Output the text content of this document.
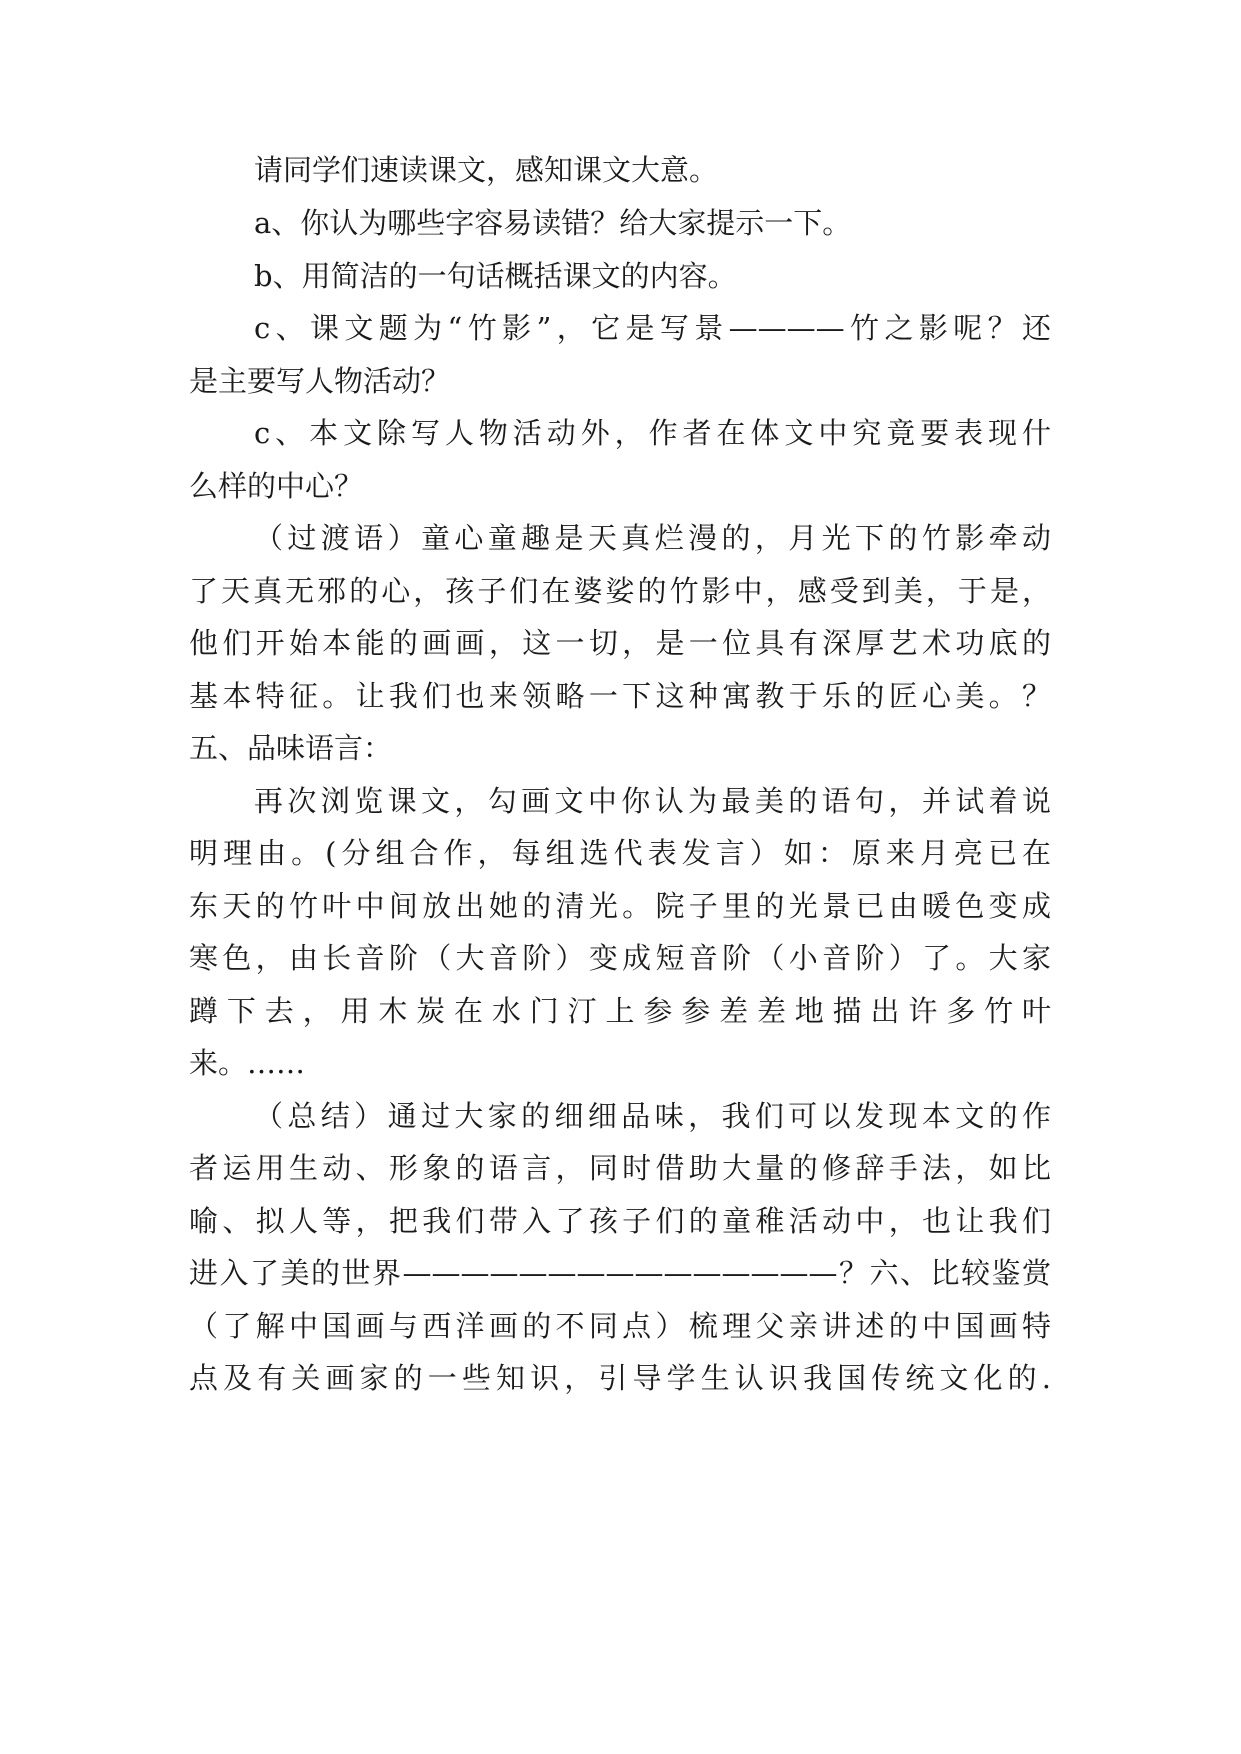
请同学们速读课文，感知课文大意。
a、你认为哪些字容易读错？给大家提示一下。
b、用简洁的一句话概括课文的内容。
c、课文题为“竹影”，它是写景————竹之影呢？还
是主要写人物活动？
c、本文除写人物活动外，作者在体文中究竟要表现什
么样的中心？
（过渡语）童心童趣是天真烂漫的，月光下的竹影牵动
了天真无邪的心，孩子们在婆娑的竹影中，感受到美，于是，
他们开始本能的画画，这一切，是一位具有深厚艺术功底的
基本特征。让我们也来领略一下这种寓教于乐的匠心美。？
五、品味语言：
再次浏览课文，勾画文中你认为最美的语句，并试着说
明理由。(分组合作，每组选代表发言）如：原来月亮已在
东天的竹叶中间放出她的清光。院子里的光景已由暖色变成
寒色，由长音阶（大音阶）变成短音阶（小音阶）了。大家
蹲下去，用木炭在水门汀上参参差差地描出许多竹叶
来。……
（总结）通过大家的细细品味，我们可以发现本文的作
者运用生动、形象的语言，同时借助大量的修辞手法，如比
喻、拟人等，把我们带入了孩子们的童稚活动中，也让我们
进入了美的世界———————————————？六、比较鉴赏
（了解中国画与西洋画的不同点）梳理父亲讲述的中国画特
点及有关画家的一些知识，引导学生认识我国传统文化的.
